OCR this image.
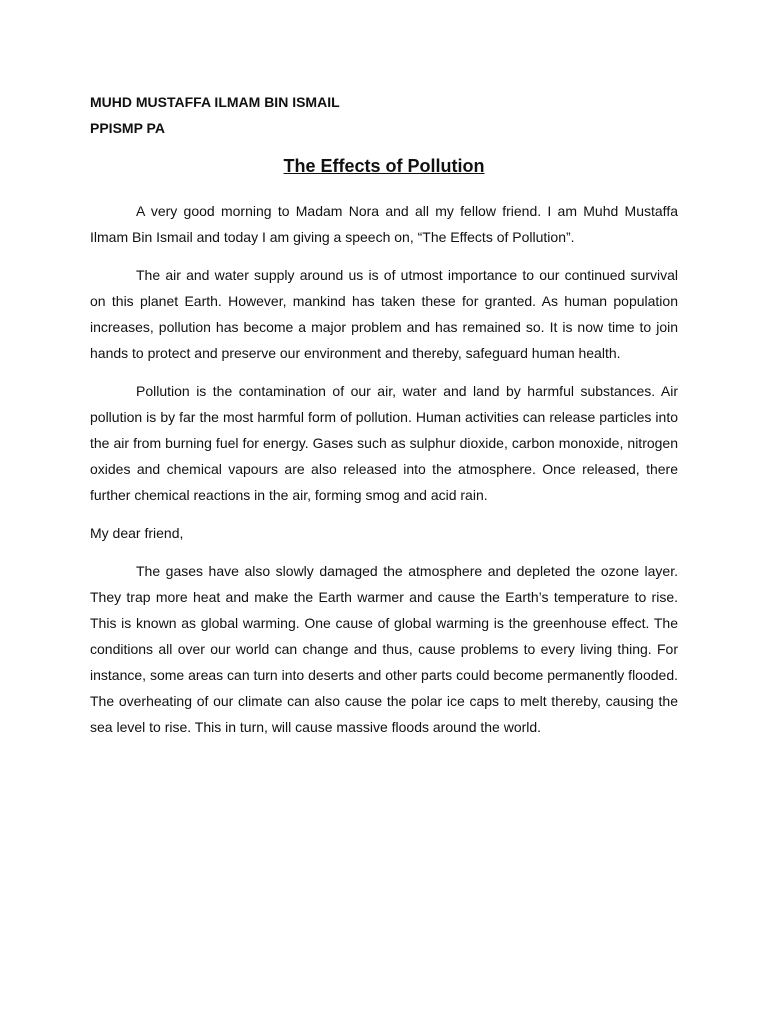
MUHD MUSTAFFA ILMAM BIN ISMAIL
PPISMP PA
The Effects of Pollution

A very good morning to Madam Nora and all my fellow friend. I am Muhd Mustaffa Ilmam Bin Ismail and today I am giving a speech on, “The Effects of Pollution”.

The air and water supply around us is of utmost importance to our continued survival on this planet Earth. However, mankind has taken these for granted. As human population increases, pollution has become a major problem and has remained so. It is now time to join hands to protect and preserve our environment and thereby, safeguard human health.

Pollution is the contamination of our air, water and land by harmful substances. Air pollution is by far the most harmful form of pollution. Human activities can release particles into the air from burning fuel for energy. Gases such as sulphur dioxide, carbon monoxide, nitrogen oxides and chemical vapours are also released into the atmosphere. Once released, there further chemical reactions in the air, forming smog and acid rain.

My dear friend,

The gases have also slowly damaged the atmosphere and depleted the ozone layer. They trap more heat and make the Earth warmer and cause the Earth’s temperature to rise. This is known as global warming. One cause of global warming is the greenhouse effect. The conditions all over our world can change and thus, cause problems to every living thing. For instance, some areas can turn into deserts and other parts could become permanently flooded. The overheating of our climate can also cause the polar ice caps to melt thereby, causing the sea level to rise. This in turn, will cause massive floods around the world.
